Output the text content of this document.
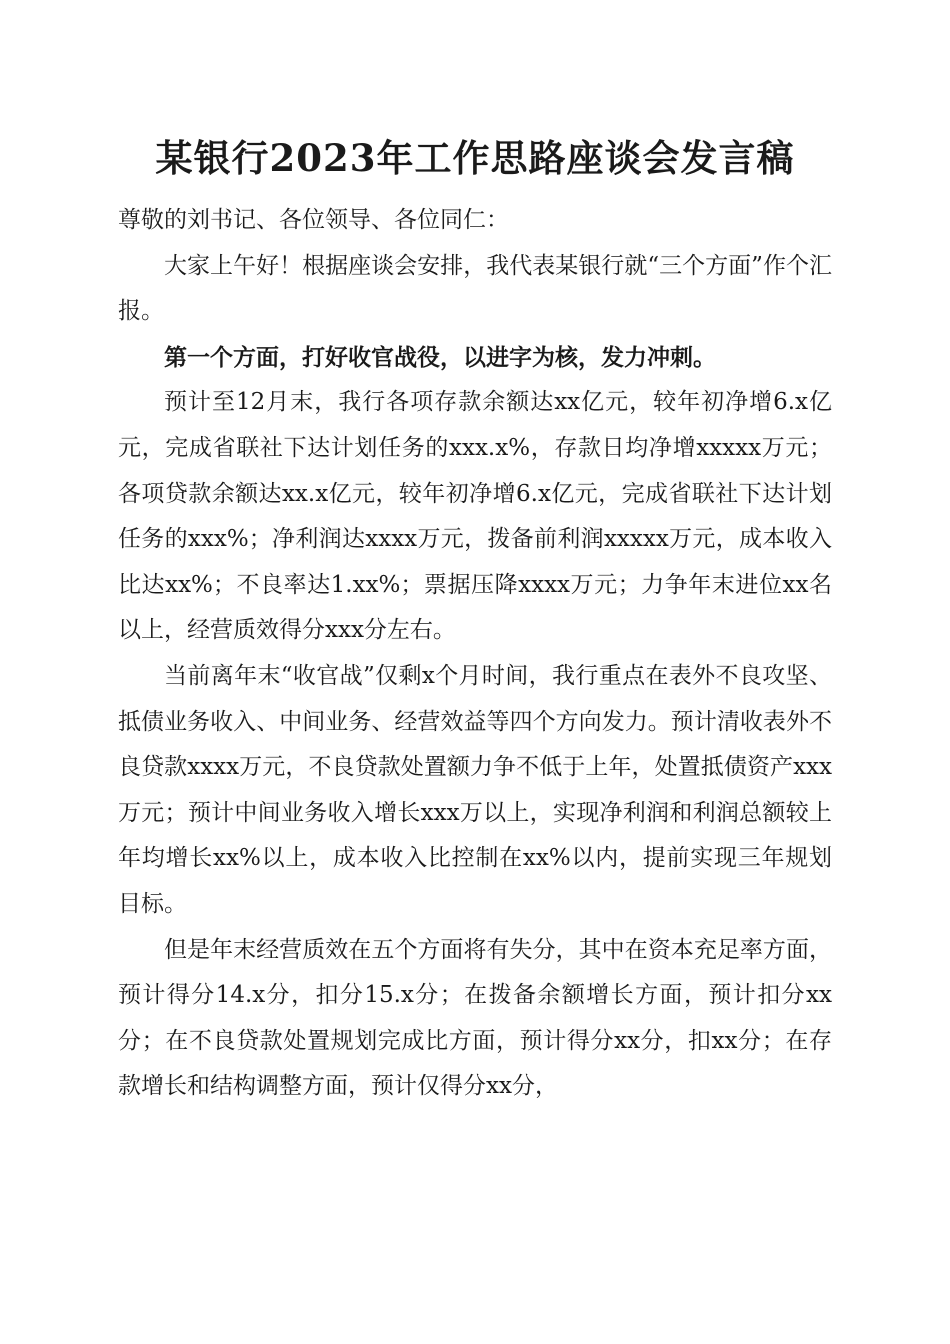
某银行2023年工作思路座谈会发言稿

尊敬的刘书记、各位领导、各位同仁：

大家上午好！根据座谈会安排，我代表某银行就“三个方面”作个汇报。

第一个方面，打好收官战役，以进字为核，发力冲刺。

预计至12月末，我行各项存款余额达xx亿元，较年初净增6.x亿元，完成省联社下达计划任务的xxx.x%，存款日均净增xxxxx万元；各项贷款余额达xx.x亿元，较年初净增6.x亿元，完成省联社下达计划任务的xxx%；净利润达xxxx万元，拨备前利润xxxxx万元，成本收入比达xx%；不良率达1.xx%；票据压降xxxx万元；力争年末进位xx名以上，经营质效得分xxx分左右。

当前离年末“收官战”仅剩x个月时间，我行重点在表外不良攻坚、抵债业务收入、中间业务、经营效益等四个方向发力。预计清收表外不良贷款xxxx万元，不良贷款处置额力争不低于上年，处置抵债资产xxx万元；预计中间业务收入增长xxx万以上，实现净利润和利润总额较上年均增长xx%以上，成本收入比控制在xx%以内，提前实现三年规划目标。

但是年末经营质效在五个方面将有失分，其中在资本充足率方面，预计得分14.x分，扣分15.x分；在拨备余额增长方面，预计扣分xx分；在不良贷款处置规划完成比方面，预计得分xx分，扣xx分；在存款增长和结构调整方面，预计仅得分xx分，
